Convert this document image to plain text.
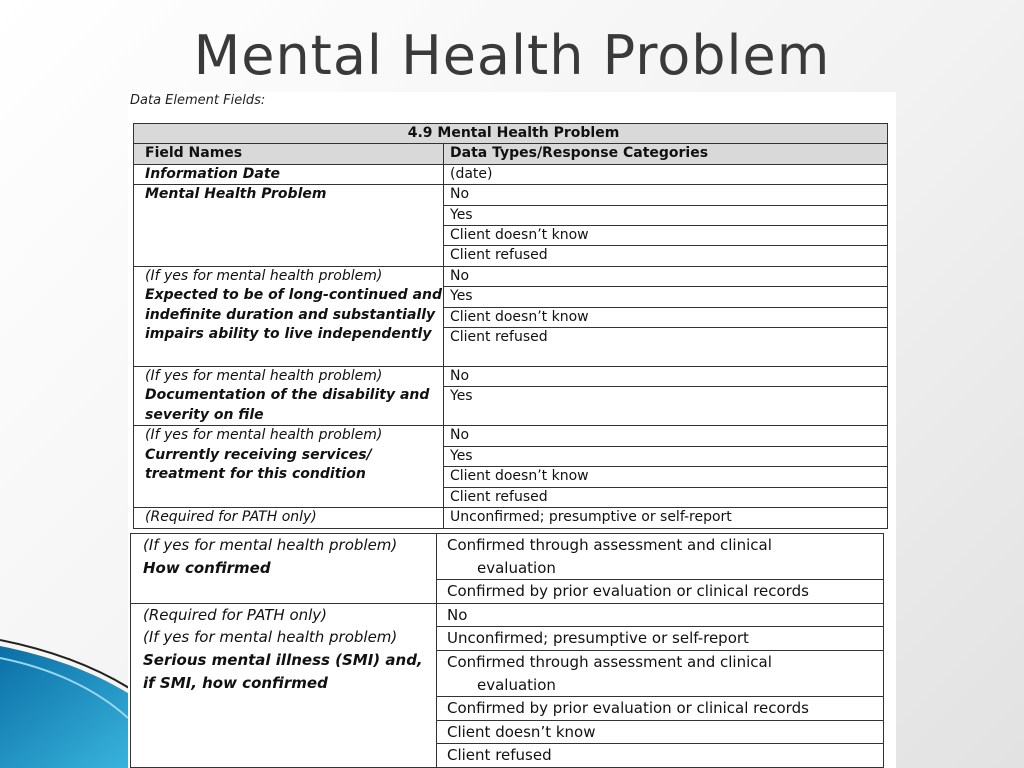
Mental Health Problem
Data Element Fields:
4.9 Mental Health Problem	
Field Names	Data Types/Response Categories
Information Date	(date)
Mental Health Problem	No
	Yes
	Client doesn’t know
	Client refused
(If yes for mental health problem)
Expected to be of long-continued and indefinite duration and substantially impairs ability to live independently	No
	Yes
	Client doesn’t know
	Client refused
(If yes for mental health problem)
Documentation of the disability and severity on file	No
	Yes
(If yes for mental health problem)
Currently receiving services/ treatment for this condition	No
	Yes
	Client doesn’t know
	Client refused
(Required for PATH only)	Unconfirmed; presumptive or self-report
(If yes for mental health problem)
How confirmed	Confirmed through assessment and clinical

evaluation

	Confirmed by prior evaluation or clinical records
(Required for PATH only)
(If yes for mental health problem)
Serious mental illness (SMI) and, if SMI, how confirmed	No
	Unconfirmed; presumptive or self-report
	Confirmed through assessment and clinical

evaluation

	Confirmed by prior evaluation or clinical records
	Client doesn’t know
	Client refused
